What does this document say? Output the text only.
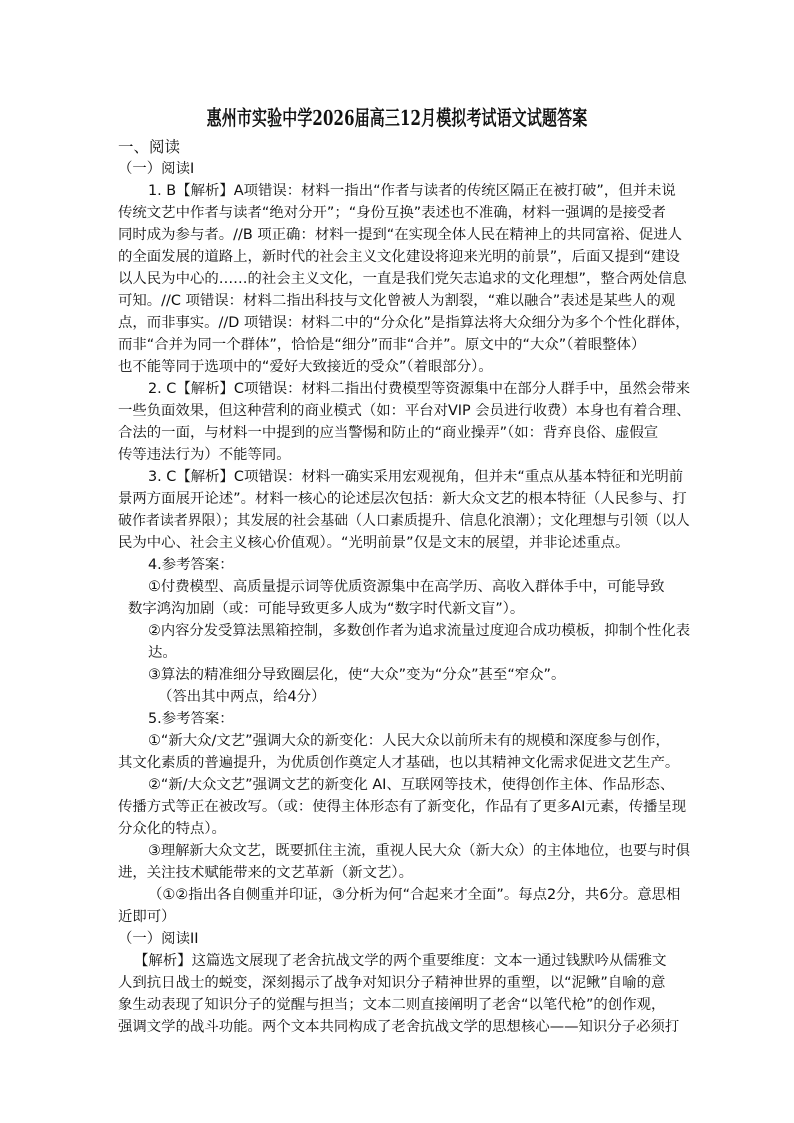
惠州市实验中学2026届高三12月模拟考试语文试题答案
一、阅读
（一）阅读I
1. B【解析】A项错误：材料一指出“作者与读者的传统区隔正在被打破”，但并未说
传统文艺中作者与读者“绝对分开”；“身份互换”表述也不准确，材料一强调的是接受者
同时成为参与者。//B 项正确：材料一提到“在实现全体人民在精神上的共同富裕、促进人
的全面发展的道路上，新时代的社会主义文化建设将迎来光明的前景”，后面又提到“建设
以人民为中心的……的社会主义文化，一直是我们党矢志追求的文化理想”，整合两处信息
可知。//C 项错误：材料二指出科技与文化曾被人为割裂，“难以融合”表述是某些人的观
点，而非事实。//D 项错误：材料二中的“分众化”是指算法将大众细分为多个个性化群体，
而非“合并为同一个群体”，恰恰是“细分”而非“合并”。原文中的“大众”（着眼整体）
也不能等同于选项中的“爱好大致接近的受众”（着眼部分）。
2. C【解析】C项错误：材料二指出付费模型等资源集中在部分人群手中，虽然会带来
一些负面效果，但这种营利的商业模式（如：平台对VIP 会员进行收费）本身也有着合理、
合法的一面，与材料一中提到的应当警惕和防止的“商业操弄”（如：背弃良俗、虚假宣
传等违法行为）不能等同。
3. C【解析】C项错误：材料一确实采用宏观视角，但并未“重点从基本特征和光明前
景两方面展开论述”。材料一核心的论述层次包括：新大众文艺的根本特征（人民参与、打
破作者读者界限）；其发展的社会基础（人口素质提升、信息化浪潮）；文化理想与引领（以人
民为中心、社会主义核心价值观）。“光明前景”仅是文末的展望，并非论述重点。
4.参考答案：
①付费模型、高质量提示词等优质资源集中在高学历、高收入群体手中，可能导致
数字鸿沟加剧（或：可能导致更多人成为“数字时代新文盲”）。
②内容分发受算法黑箱控制，多数创作者为追求流量过度迎合成功模板，抑制个性化表
达。
③算法的精准细分导致圈层化，使“大众”变为“分众”甚至“窄众”。
（答出其中两点，给4分）
5.参考答案：
①“新大众/文艺”强调大众的新变化：人民大众以前所未有的规模和深度参与创作，
其文化素质的普遍提升，为优质创作奠定人才基础，也以其精神文化需求促进文艺生产。
②“新/大众文艺”强调文艺的新变化 AI、互联网等技术，使得创作主体、作品形态、
传播方式等正在被改写。（或：使得主体形态有了新变化，作品有了更多AI元素，传播呈现
分众化的特点）。
③理解新大众文艺，既要抓住主流，重视人民大众（新大众）的主体地位，也要与时俱
进，关注技术赋能带来的文艺革新（新文艺）。
（①②指出各自侧重并印证，③分析为何“合起来才全面”。每点2分，共6分。意思相
近即可）
（一）阅读II
【解析】这篇选文展现了老舍抗战文学的两个重要维度：文本一通过钱默吟从儒雅文
人到抗日战士的蜕变，深刻揭示了战争对知识分子精神世界的重塑，以“泥鳅”自喻的意
象生动表现了知识分子的觉醒与担当；文本二则直接阐明了老舍“以笔代枪”的创作观，
强调文学的战斗功能。两个文本共同构成了老舍抗战文学的思想核心——知识分子必须打
